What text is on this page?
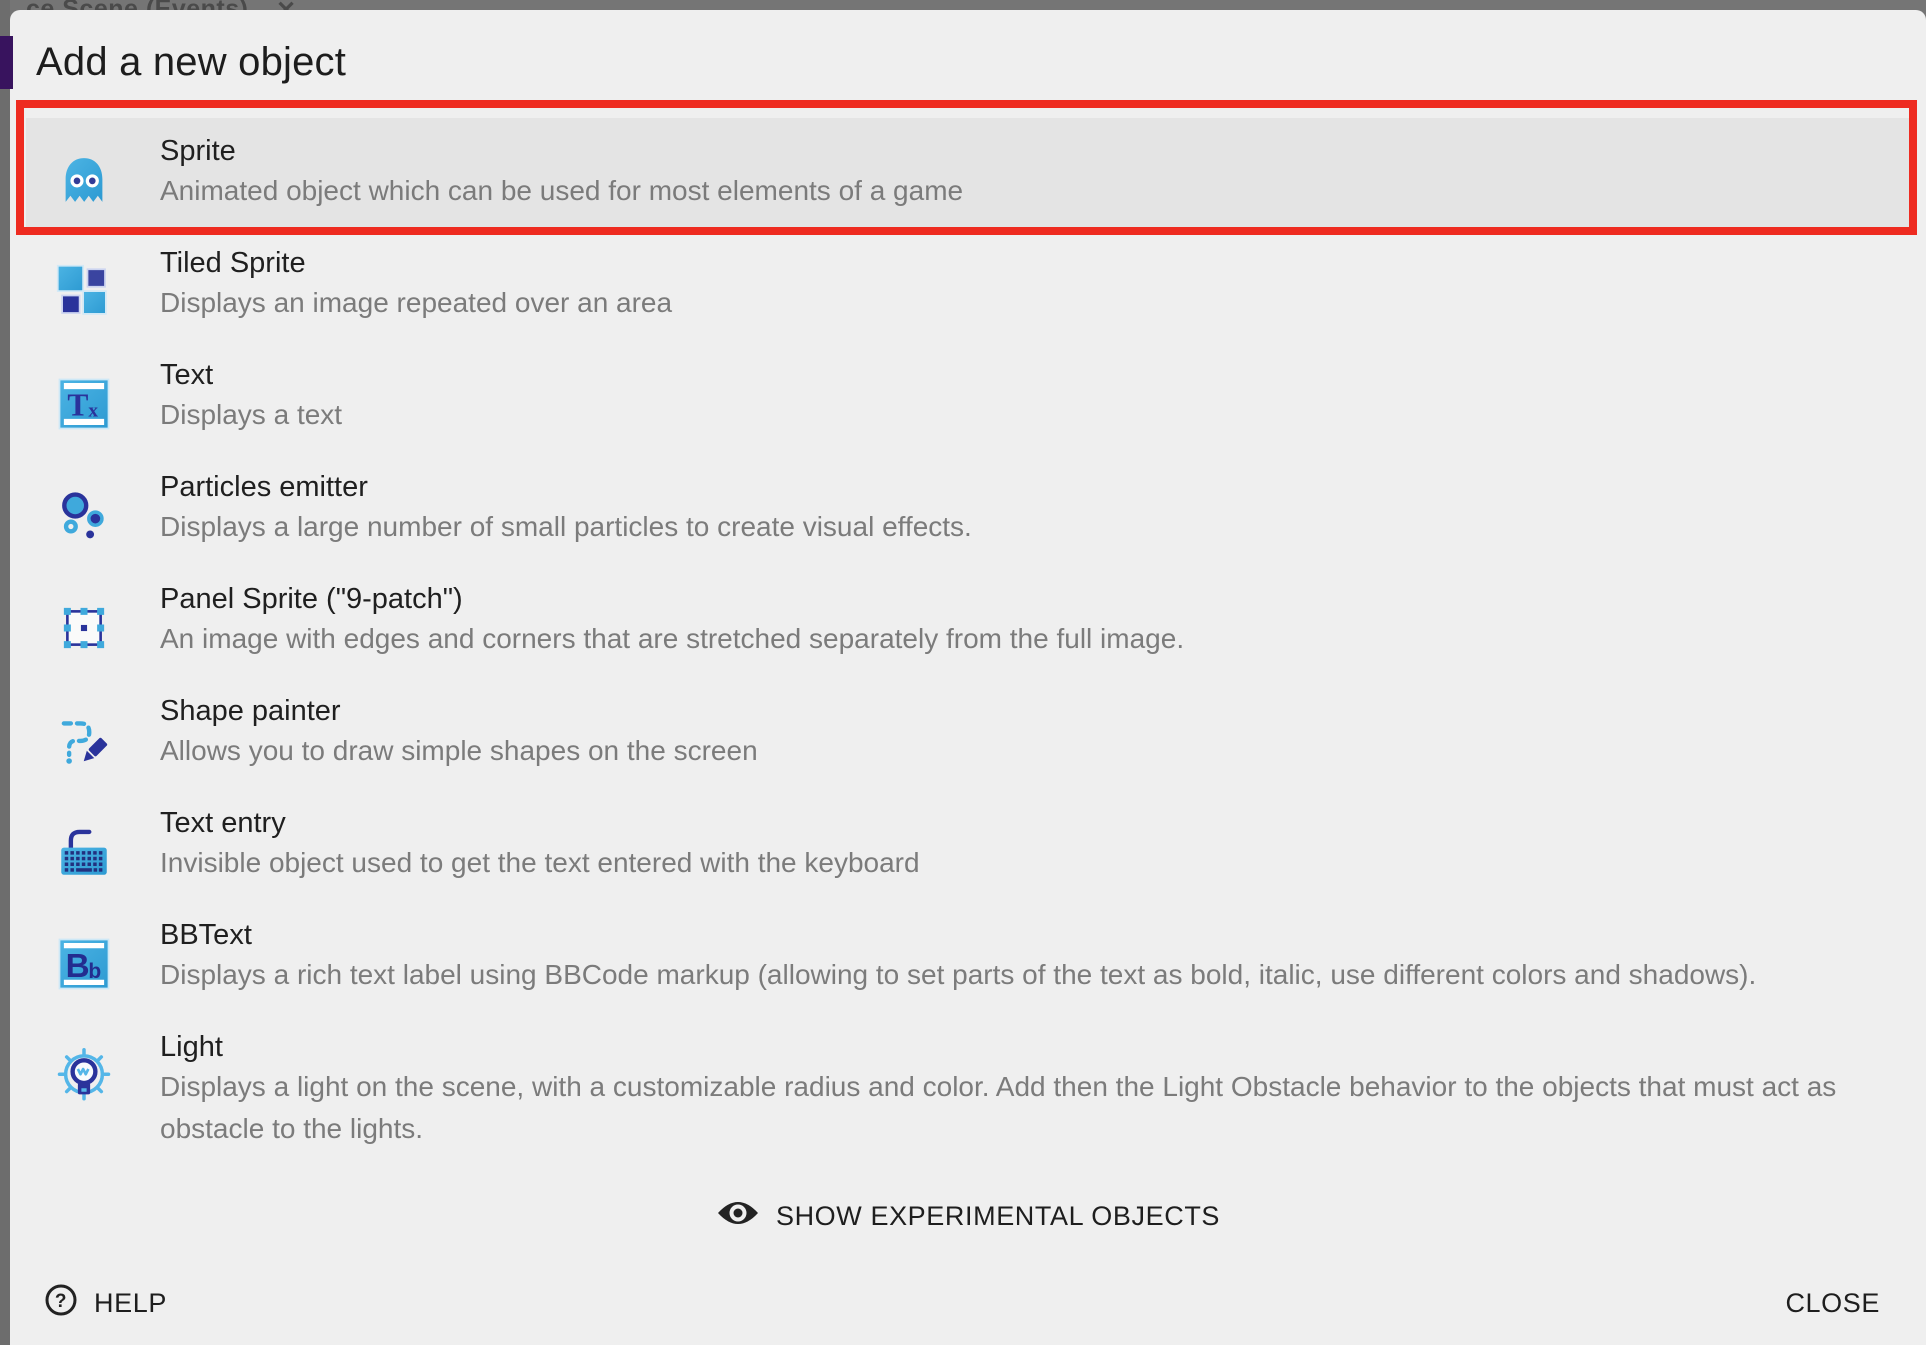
Add a new object
Sprite
Animated object which can be used for most elements of a game
Tiled Sprite
Displays an image repeated over an area
Text
Displays a text
Particles emitter
Displays a large number of small particles to create visual effects.
Panel Sprite ("9-patch")
An image with edges and corners that are stretched separately from the full image.
Shape painter
Allows you to draw simple shapes on the screen
Text entry
Invisible object used to get the text entered with the keyboard
BBText
Displays a rich text label using BBCode markup (allowing to set parts of the text as bold, italic, use different colors and shadows).
Light
Displays a light on the scene, with a customizable radius and color. Add then the Light Obstacle behavior to the objects that must act as obstacle to the lights.
SHOW EXPERIMENTAL OBJECTS
? HELP	CLOSE
